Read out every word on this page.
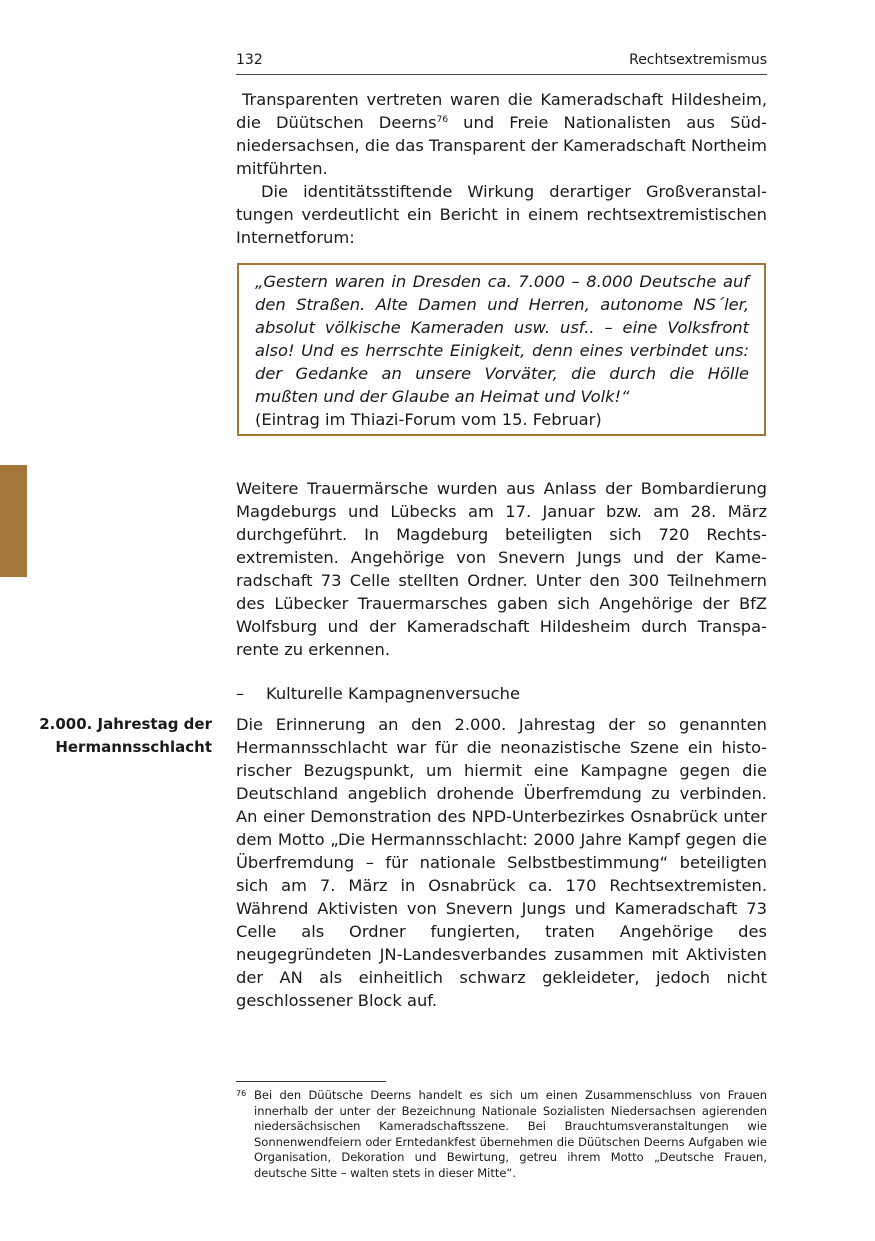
132	Rechtsextremismus

Transparenten vertreten waren die Kameradschaft Hildesheim, die Düütschen Deerns$^{76}$ und Freie Nationalisten aus Südniedersachsen, die das Transparent der Kameradschaft Northeim mitführten.

Die identitätsstiftende Wirkung derartiger Großveranstaltungen verdeutlicht ein Bericht in einem rechtsextremistischen Internetforum:

„Gestern waren in Dresden ca. 7.000 – 8.000 Deutsche auf den Straßen. Alte Damen und Herren, autonome NS´ler, absolut völkische Kameraden usw. usf.. – eine Volksfront also! Und es herrschte Einigkeit, denn eines verbindet uns: der Gedanke an unsere Vorväter, die durch die Hölle mußten und der Glaube an Heimat und Volk!“

(Eintrag im Thiazi-Forum vom 15. Februar)

Weitere Trauermärsche wurden aus Anlass der Bombardierung Magdeburgs und Lübecks am 17. Januar bzw. am 28. März durchgeführt. In Magdeburg beteiligten sich 720 Rechtsextremisten. Angehörige von Snevern Jungs und der Kameradschaft 73 Celle stellten Ordner. Unter den 300 Teilnehmern des Lübecker Trauermarsches gaben sich Angehörige der BfZ Wolfsburg und der Kameradschaft Hildesheim durch Transparente zu erkennen.

– Kulturelle Kampagnenversuche

2.000. Jahrestag der
Hermannsschlacht

Die Erinnerung an den 2.000. Jahrestag der so genannten Hermannsschlacht war für die neonazistische Szene ein historischer Bezugspunkt, um hiermit eine Kampagne gegen die Deutschland angeblich drohende Überfremdung zu verbinden. An einer Demonstration des NPD-Unterbezirkes Osnabrück unter dem Motto „Die Hermannsschlacht: 2000 Jahre Kampf gegen die Überfremdung – für nationale Selbstbestimmung“ beteiligten sich am 7. März in Osnabrück ca. 170 Rechtsextremisten. Während Aktivisten von Snevern Jungs und Kameradschaft 73 Celle als Ordner fungierten, traten Angehörige des neugegründeten JN-Landesverbandes zusammen mit Aktivisten der AN als einheitlich schwarz gekleideter, jedoch nicht geschlossener Block auf.

76 Bei den Düütsche Deerns handelt es sich um einen Zusammenschluss von Frauen innerhalb der unter der Bezeichnung Nationale Sozialisten Niedersachsen agierenden niedersächsischen Kameradschaftsszene. Bei Brauchtumsveranstaltungen wie Sonnenwendfeiern oder Erntedankfest übernehmen die Düütschen Deerns Aufgaben wie Organisation, Dekoration und Bewirtung, getreu ihrem Motto „Deutsche Frauen, deutsche Sitte – walten stets in dieser Mitte“.
